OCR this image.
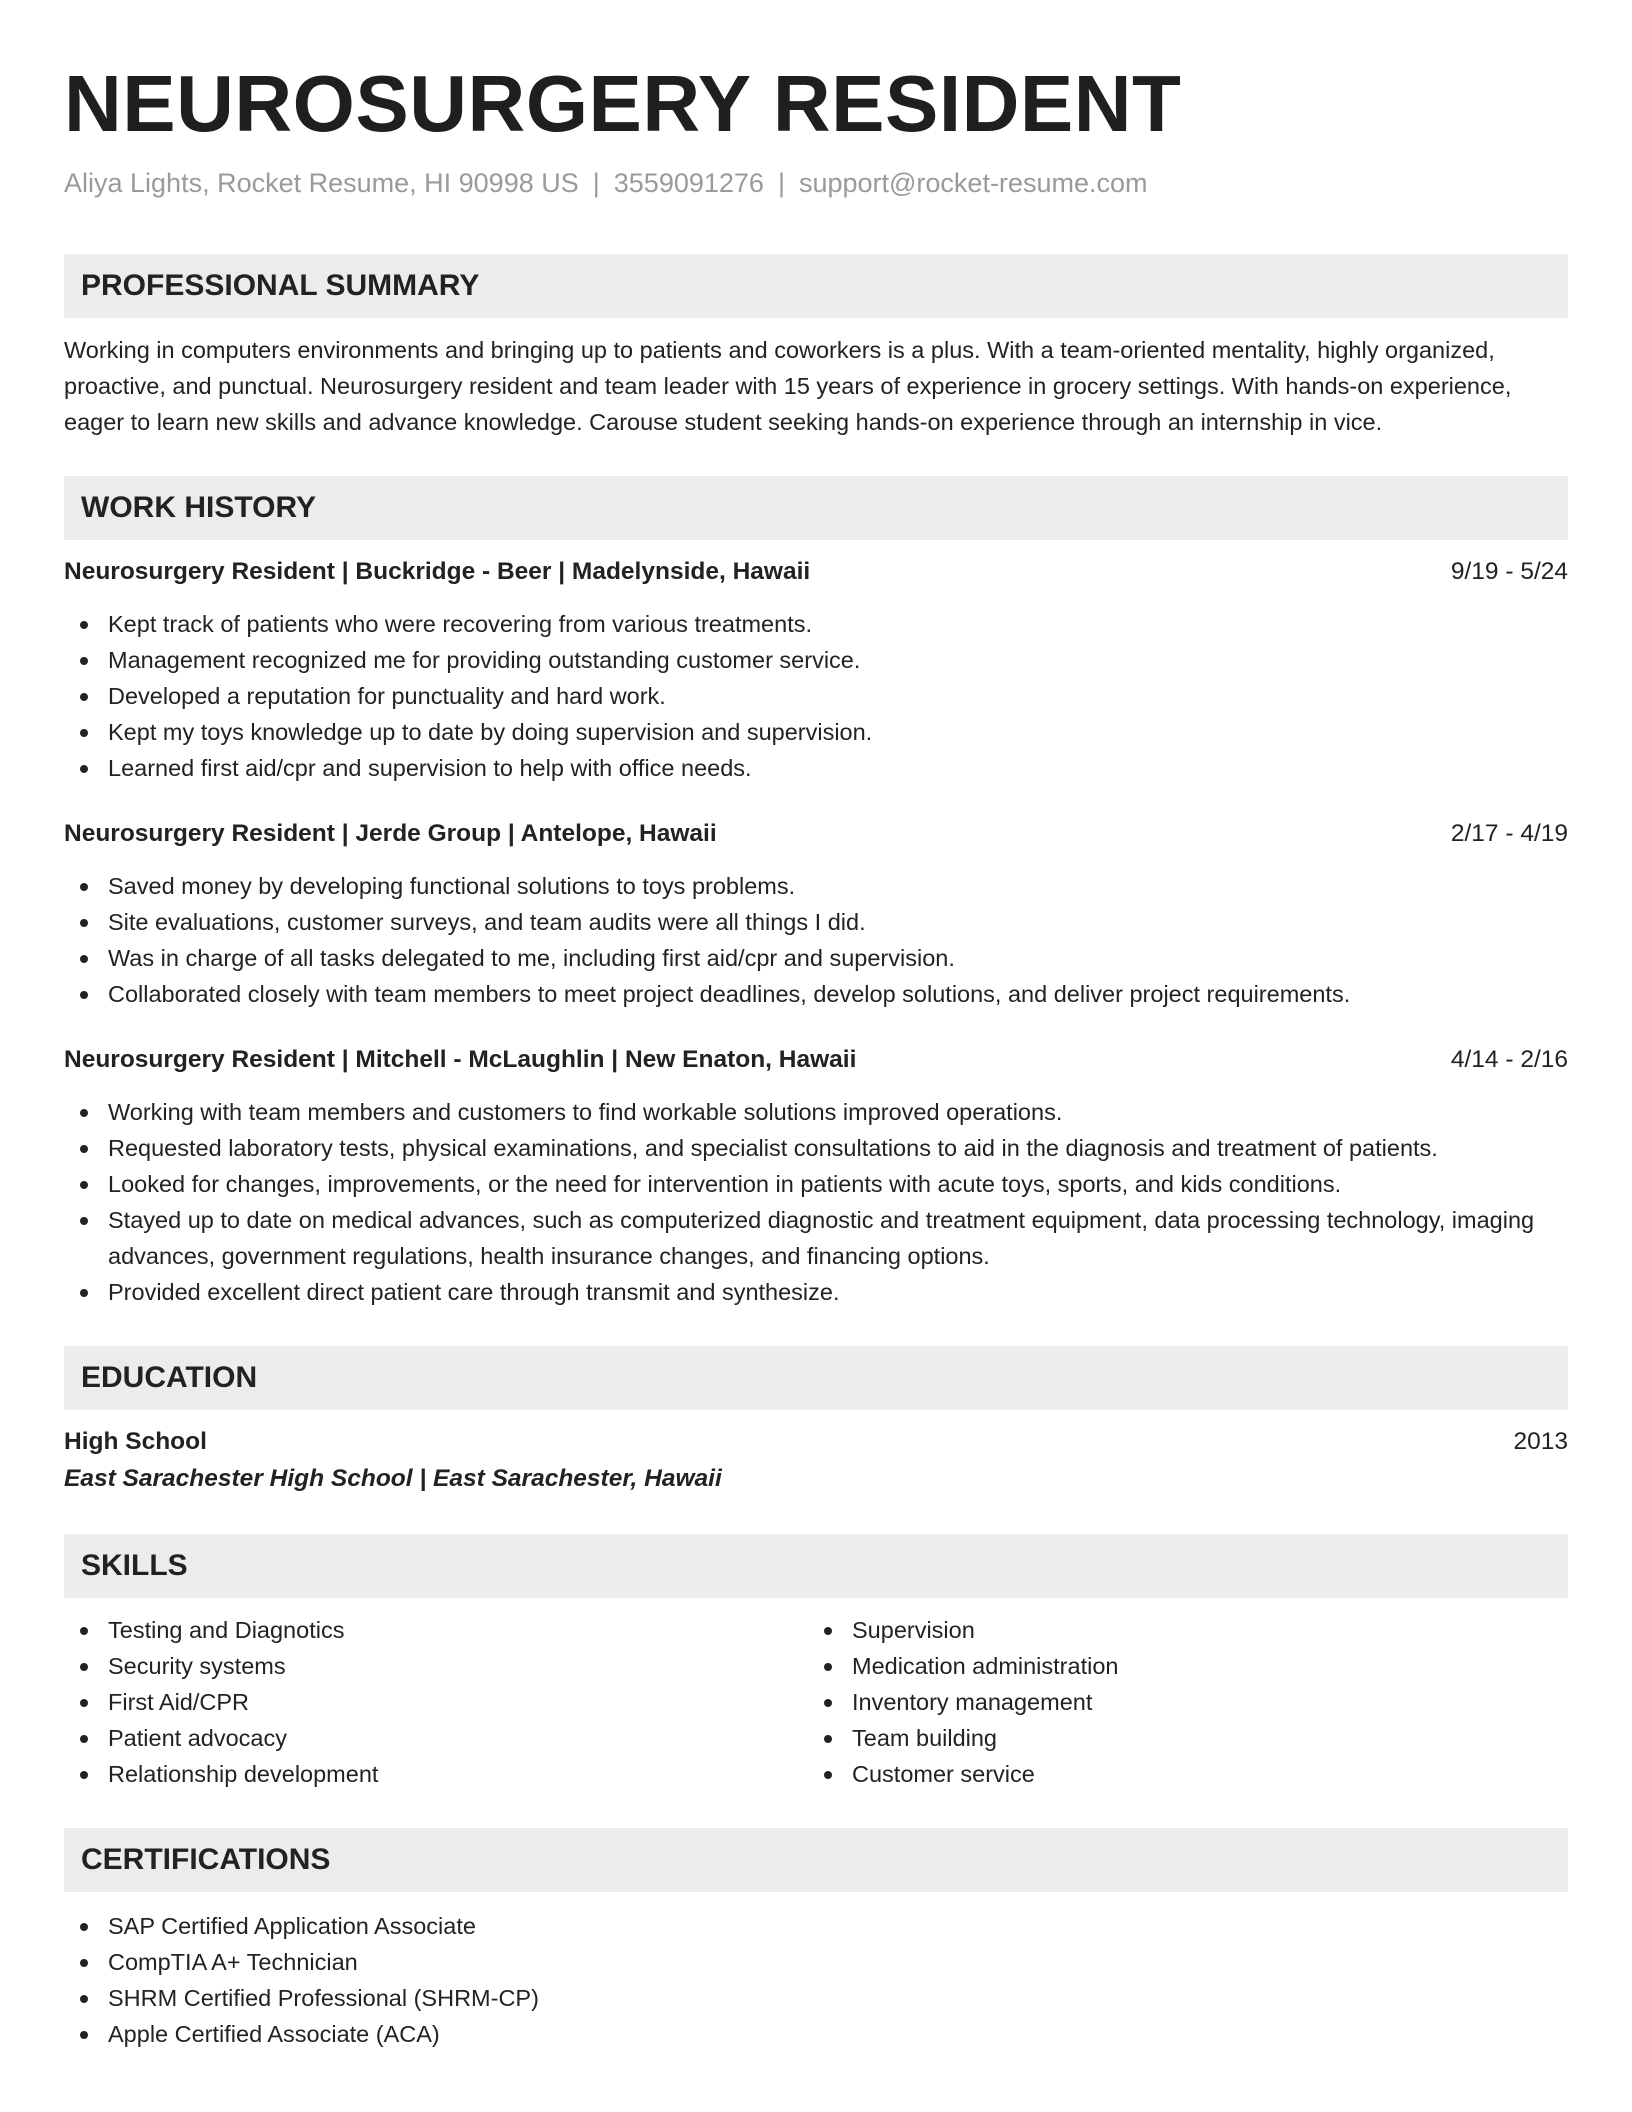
NEUROSURGERY RESIDENT
Aliya Lights, Rocket Resume, HI 90998 US | 3559091276 | support@rocket-resume.com
PROFESSIONAL SUMMARY
Working in computers environments and bringing up to patients and coworkers is a plus. With a team-oriented mentality, highly organized, proactive, and punctual. Neurosurgery resident and team leader with 15 years of experience in grocery settings. With hands-on experience, eager to learn new skills and advance knowledge. Carouse student seeking hands-on experience through an internship in vice.
WORK HISTORY
Neurosurgery Resident | Buckridge - Beer | Madelynside, Hawaii	9/19 - 5/24
Kept track of patients who were recovering from various treatments.
Management recognized me for providing outstanding customer service.
Developed a reputation for punctuality and hard work.
Kept my toys knowledge up to date by doing supervision and supervision.
Learned first aid/cpr and supervision to help with office needs.
Neurosurgery Resident | Jerde Group | Antelope, Hawaii	2/17 - 4/19
Saved money by developing functional solutions to toys problems.
Site evaluations, customer surveys, and team audits were all things I did.
Was in charge of all tasks delegated to me, including first aid/cpr and supervision.
Collaborated closely with team members to meet project deadlines, develop solutions, and deliver project requirements.
Neurosurgery Resident | Mitchell - McLaughlin | New Enaton, Hawaii	4/14 - 2/16
Working with team members and customers to find workable solutions improved operations.
Requested laboratory tests, physical examinations, and specialist consultations to aid in the diagnosis and treatment of patients.
Looked for changes, improvements, or the need for intervention in patients with acute toys, sports, and kids conditions.
Stayed up to date on medical advances, such as computerized diagnostic and treatment equipment, data processing technology, imaging advances, government regulations, health insurance changes, and financing options.
Provided excellent direct patient care through transmit and synthesize.
EDUCATION
High School	2013
East Sarachester High School | East Sarachester, Hawaii
SKILLS
Testing and Diagnotics
Security systems
First Aid/CPR
Patient advocacy
Relationship development
Supervision
Medication administration
Inventory management
Team building
Customer service
CERTIFICATIONS
SAP Certified Application Associate
CompTIA A+ Technician
SHRM Certified Professional (SHRM-CP)
Apple Certified Associate (ACA)
